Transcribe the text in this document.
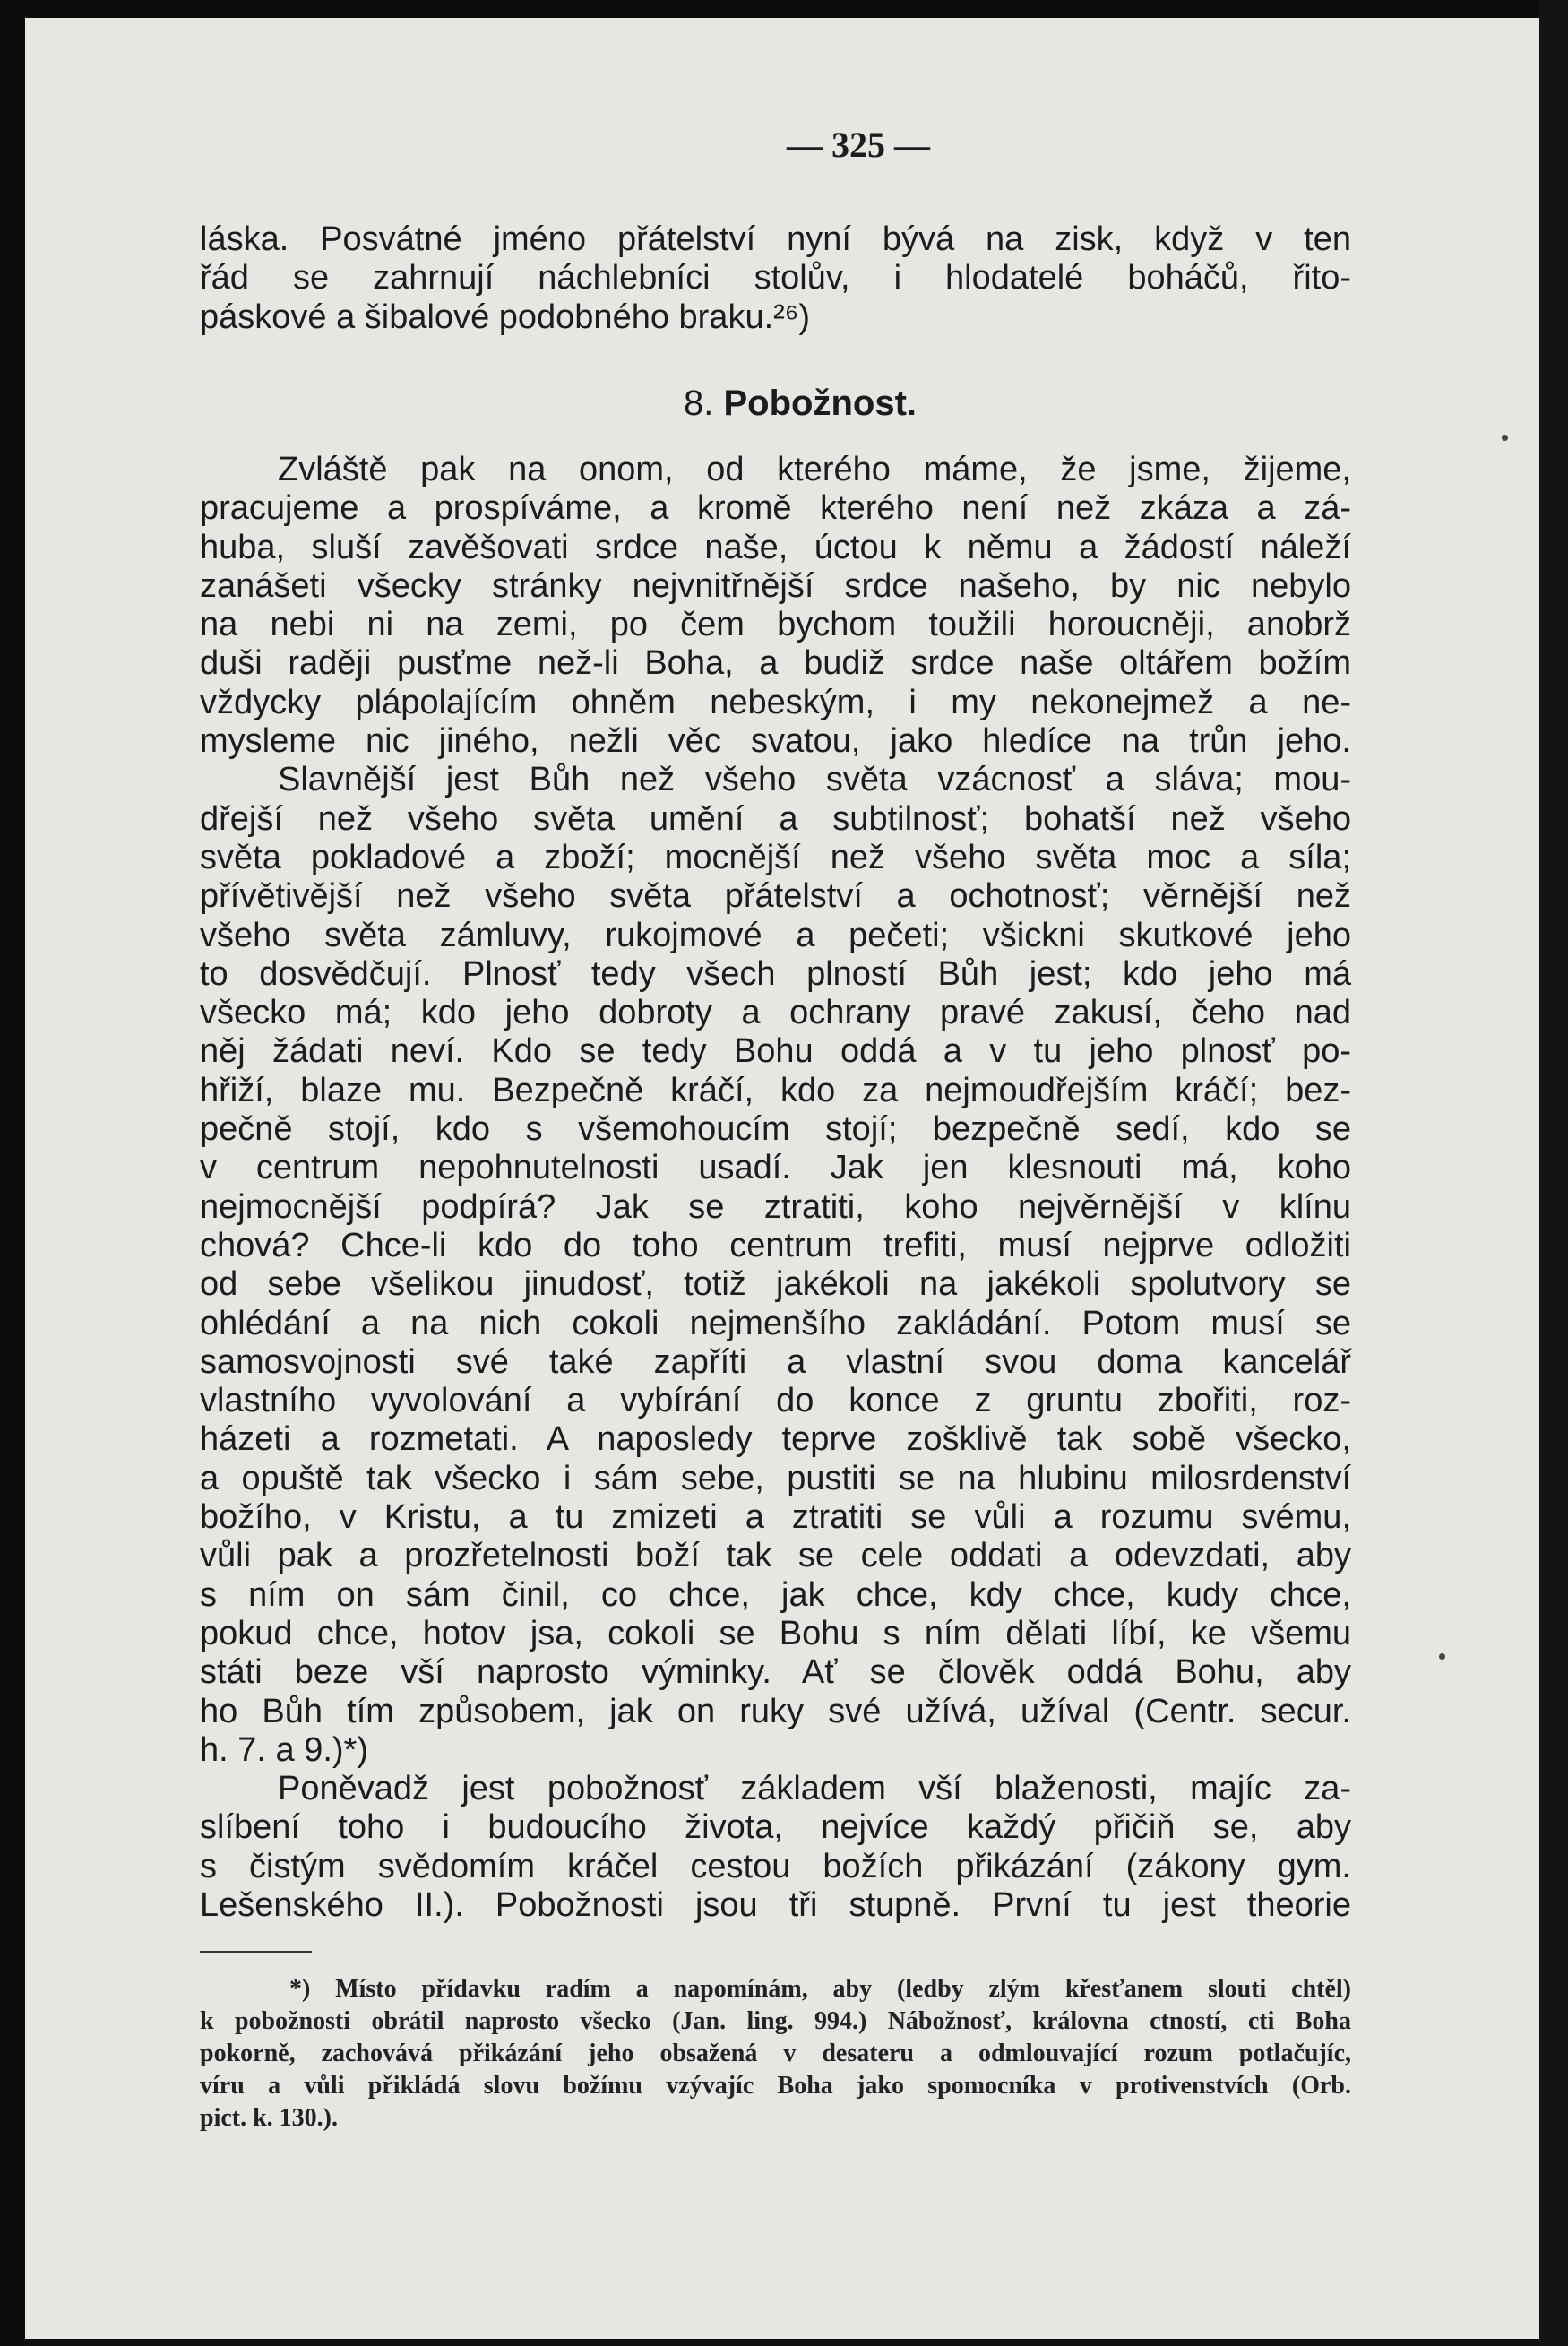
— 325 —
láska. Posvátné jméno přátelství nyní bývá na zisk, když v ten
řád se zahrnují náchlebníci stolův, i hlodatelé boháčů, řito-
páskové a šibalové podobného braku.²⁶)
8. Pobožnost.
Zvláště pak na onom, od kterého máme, že jsme, žijeme,
pracujeme a prospíváme, a kromě kterého není než zkáza a zá-
huba, sluší zavěšovati srdce naše, úctou k němu a žádostí náleží
zanášeti všecky stránky nejvnitřnější srdce našeho, by nic nebylo
na nebi ni na zemi, po čem bychom toužili horoucněji, anobrž
duši raději pusťme než-li Boha, a budiž srdce naše oltářem božím
vždycky plápolajícím ohněm nebeským, i my nekonejmež a ne-
mysleme nic jiného, nežli věc svatou, jako hledíce na trůn jeho.
Slavnější jest Bůh než všeho světa vzácnosť a sláva; mou-
dřejší než všeho světa umění a subtilnosť; bohatší než všeho
světa pokladové a zboží; mocnější než všeho světa moc a síla;
přívětivější než všeho světa přátelství a ochotnosť; věrnější než
všeho světa zámluvy, rukojmové a pečeti; všickni skutkové jeho
to dosvědčují. Plnosť tedy všech plností Bůh jest; kdo jeho má
všecko má; kdo jeho dobroty a ochrany pravé zakusí, čeho nad
něj žádati neví. Kdo se tedy Bohu oddá a v tu jeho plnosť po-
hřiží, blaze mu. Bezpečně kráčí, kdo za nejmoudřejším kráčí; bez-
pečně stojí, kdo s všemohoucím stojí; bezpečně sedí, kdo se
v centrum nepohnutelnosti usadí. Jak jen klesnouti má, koho
nejmocnější podpírá? Jak se ztratiti, koho nejvěrnější v klínu
chová? Chce-li kdo do toho centrum trefiti, musí nejprve odložiti
od sebe všelikou jinudosť, totiž jakékoli na jakékoli spolutvory se
ohlédání a na nich cokoli nejmenšího zakládání. Potom musí se
samosvojnosti své také zapříti a vlastní svou doma kancelář
vlastního vyvolování a vybírání do konce z gruntu zbořiti, roz-
házeti a rozmetati. A naposledy teprve zošklivě tak sobě všecko,
a opuště tak všecko i sám sebe, pustiti se na hlubinu milosrdenství
božího, v Kristu, a tu zmizeti a ztratiti se vůli a rozumu svému,
vůli pak a prozřetelnosti boží tak se cele oddati a odevzdati, aby
s ním on sám činil, co chce, jak chce, kdy chce, kudy chce,
pokud chce, hotov jsa, cokoli se Bohu s ním dělati líbí, ke všemu
státi beze vší naprosto výminky. Ať se člověk oddá Bohu, aby
ho Bůh tím způsobem, jak on ruky své užívá, užíval (Centr. secur.
h. 7. a 9.)*)
Poněvadž jest pobožnosť základem vší blaženosti, majíc za-
slíbení toho i budoucího života, nejvíce každý přičiň se, aby
s čistým svědomím kráčel cestou božích přikázání (zákony gym.
Lešenského II.). Pobožnosti jsou tři stupně. První tu jest theorie
*) Místo přídavku radím a napomínám, aby (ledby zlým křesťanem slouti chtěl)
k pobožnosti obrátil naprosto všecko (Jan. ling. 994.) Nábožnosť, královna ctností, cti Boha
pokorně, zachovává přikázání jeho obsažená v desateru a odmlouvající rozum potlačujíc,
víru a vůli přikládá slovu božímu vzývajíc Boha jako spomocníka v protivenstvích (Orb.
pict. k. 130.).
